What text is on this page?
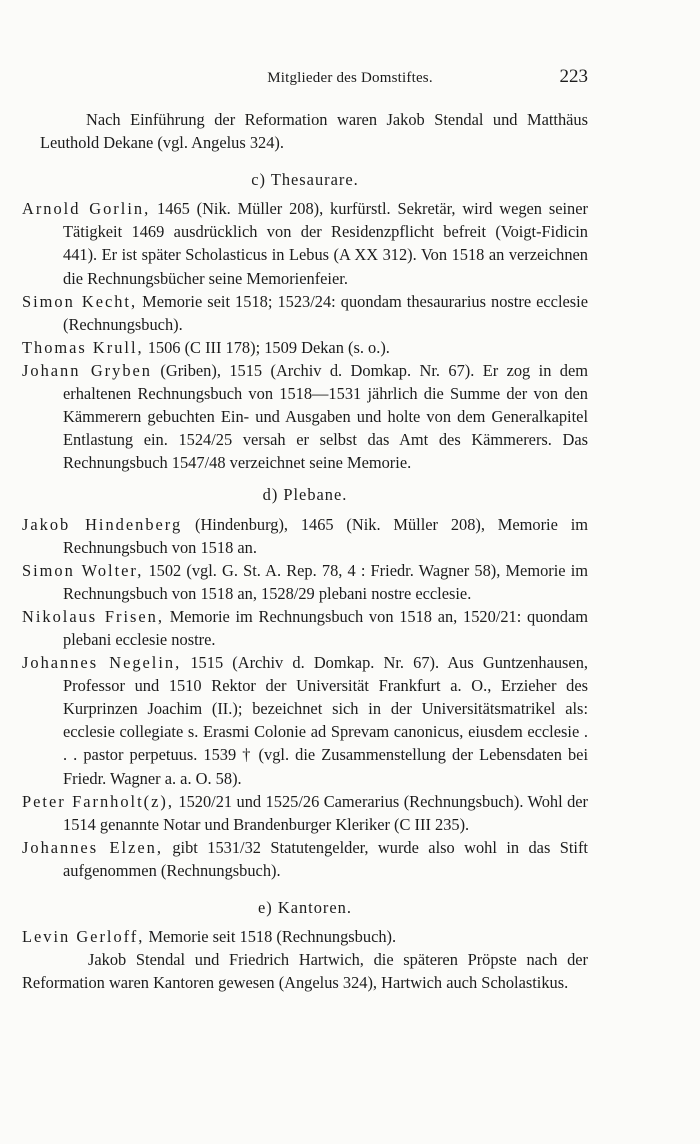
Mitglieder des Domstiftes.	223

Nach Einführung der Reformation waren Jakob Stendal und Matthäus Leuthold Dekane (vgl. Angelus 324).

c) Thesaurare.

Arnold Gorlin, 1465 (Nik. Müller 208), kurfürstl. Sekretär, wird wegen seiner Tätigkeit 1469 ausdrücklich von der Residenzpflicht befreit (Voigt-Fidicin 441). Er ist später Scholasticus in Lebus (A XX 312). Von 1518 an verzeichnen die Rechnungsbücher seine Memorienfeier.

Simon Kecht, Memorie seit 1518; 1523/24: quondam thesaurarius nostre ecclesie (Rechnungsbuch).

Thomas Krull, 1506 (C III 178); 1509 Dekan (s. o.).

Johann Gryben (Griben), 1515 (Archiv d. Domkap. Nr. 67). Er zog in dem erhaltenen Rechnungsbuch von 1518—1531 jährlich die Summe der von den Kämmerern gebuchten Ein- und Ausgaben und holte von dem Generalkapitel Entlastung ein. 1524/25 versah er selbst das Amt des Kämmerers. Das Rechnungsbuch 1547/48 verzeichnet seine Memorie.

d) Plebane.

Jakob Hindenberg (Hindenburg), 1465 (Nik. Müller 208), Memorie im Rechnungsbuch von 1518 an.

Simon Wolter, 1502 (vgl. G. St. A. Rep. 78, 4 : Friedr. Wagner 58), Memorie im Rechnungsbuch von 1518 an, 1528/29 plebani nostre ecclesie.

Nikolaus Frisen, Memorie im Rechnungsbuch von 1518 an, 1520/21: quondam plebani ecclesie nostre.

Johannes Negelin, 1515 (Archiv d. Domkap. Nr. 67). Aus Guntzenhausen, Professor und 1510 Rektor der Universität Frankfurt a. O., Erzieher des Kurprinzen Joachim (II.); bezeichnet sich in der Universitätsmatrikel als: ecclesie collegiate s. Erasmi Colonie ad Sprevam canonicus, eiusdem ecclesie . . . pastor perpetuus. 1539 † (vgl. die Zusammenstellung der Lebensdaten bei Friedr. Wagner a. a. O. 58).

Peter Farnholt(z), 1520/21 und 1525/26 Camerarius (Rechnungsbuch). Wohl der 1514 genannte Notar und Brandenburger Kleriker (C III 235).

Johannes Elzen, gibt 1531/32 Statutengelder, wurde also wohl in das Stift aufgenommen (Rechnungsbuch).

e) Kantoren.

Levin Gerloff, Memorie seit 1518 (Rechnungsbuch).

Jakob Stendal und Friedrich Hartwich, die späteren Pröpste nach der Reformation waren Kantoren gewesen (Angelus 324), Hartwich auch Scholastikus.
